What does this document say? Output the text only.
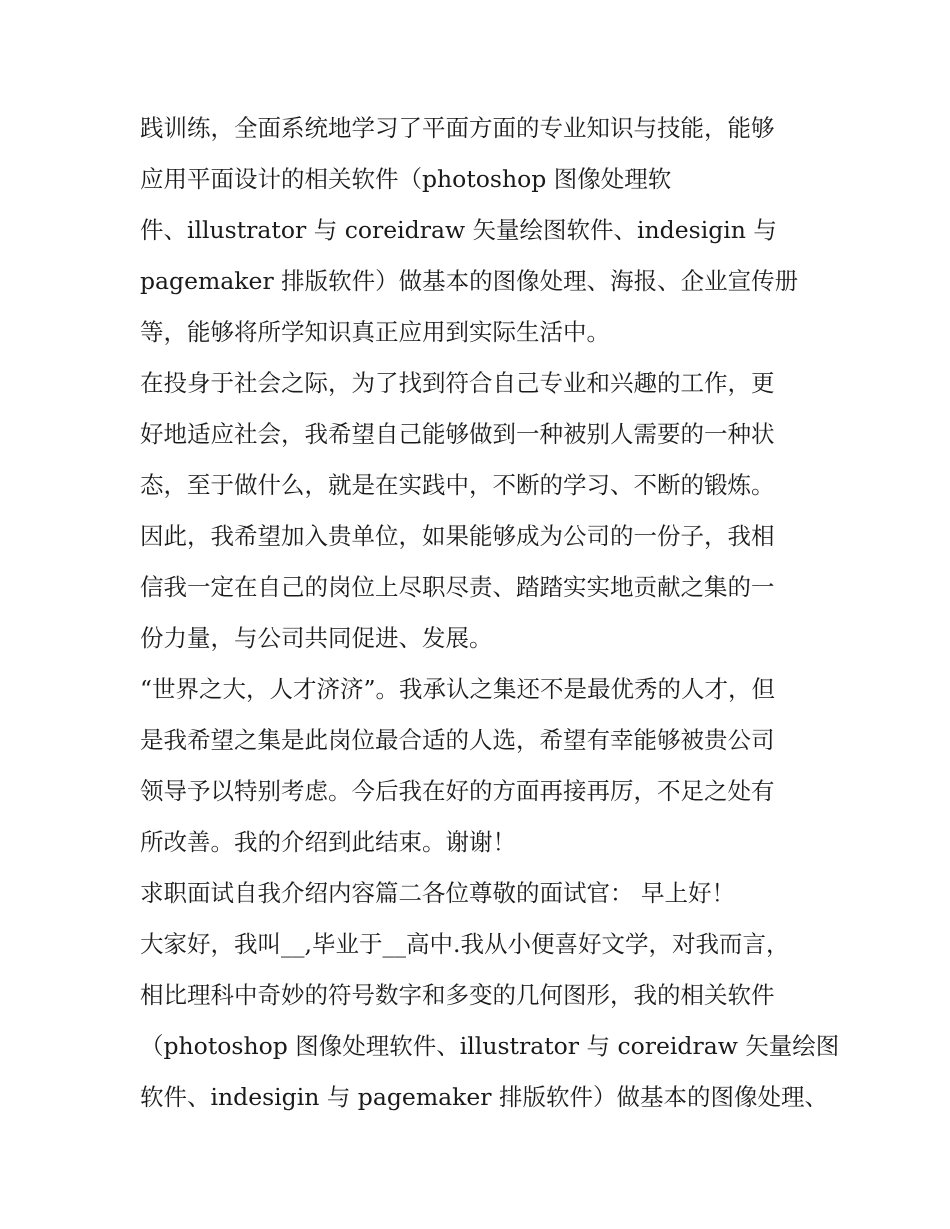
践训练，全面系统地学习了平面方面的专业知识与技能，能够
应用平面设计的相关软件（photoshop 图像处理软
件、illustrator 与 coreidraw 矢量绘图软件、indesigin 与
pagemaker 排版软件）做基本的图像处理、海报、企业宣传册
等，能够将所学知识真正应用到实际生活中。
在投身于社会之际，为了找到符合自己专业和兴趣的工作，更
好地适应社会，我希望自己能够做到一种被别人需要的一种状
态，至于做什么，就是在实践中，不断的学习、不断的锻炼。
因此，我希望加入贵单位，如果能够成为公司的一份子，我相
信我一定在自己的岗位上尽职尽责、踏踏实实地贡献之集的一
份力量，与公司共同促进、发展。
“世界之大，人才济济”。我承认之集还不是最优秀的人才，但
是我希望之集是此岗位最合适的人选，希望有幸能够被贵公司
领导予以特别考虑。今后我在好的方面再接再厉，不足之处有
所改善。我的介绍到此结束。谢谢！
求职面试自我介绍内容篇二各位尊敬的面试官： 早上好！
大家好，我叫__,毕业于__高中.我从小便喜好文学，对我而言，
相比理科中奇妙的符号数字和多变的几何图形，我的相关软件
（photoshop 图像处理软件、illustrator 与 coreidraw 矢量绘图
软件、indesigin 与 pagemaker 排版软件）做基本的图像处理、
